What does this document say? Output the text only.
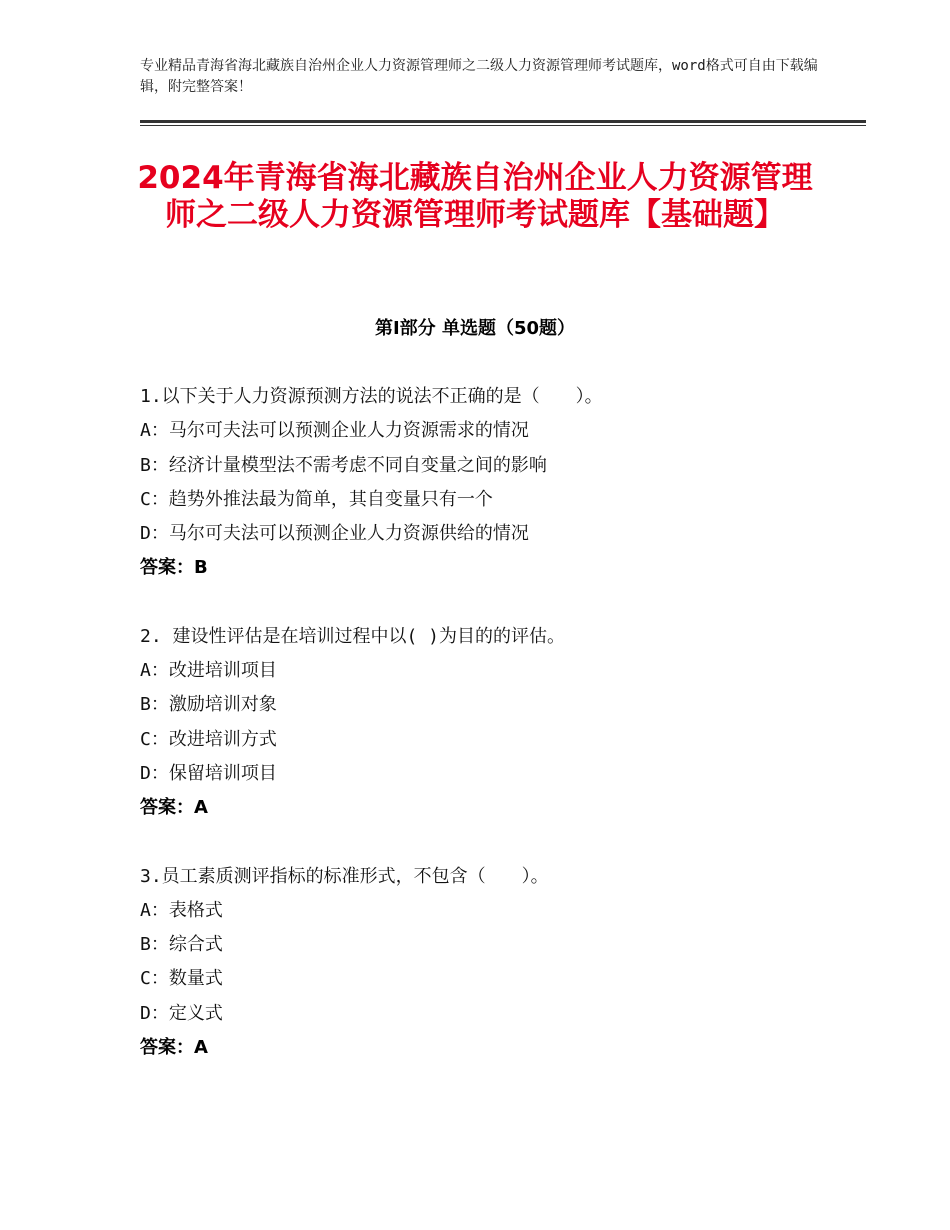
专业精品青海省海北藏族自治州企业人力资源管理师之二级人力资源管理师考试题库，word格式可自由下载编辑，附完整答案！
2024年青海省海北藏族自治州企业人力资源管理师之二级人力资源管理师考试题库【基础题】
第Ⅰ部分 单选题（50题）
1.以下关于人力资源预测方法的说法不正确的是（　　）。
A：马尔可夫法可以预测企业人力资源需求的情况
B：经济计量模型法不需考虑不同自变量之间的影响
C：趋势外推法最为简单，其自变量只有一个
D：马尔可夫法可以预测企业人力资源供给的情况
答案：B
2. 建设性评估是在培训过程中以( )为目的的评估。
A：改进培训项目
B：激励培训对象
C：改进培训方式
D：保留培训项目
答案：A
3.员工素质测评指标的标准形式，不包含（　　）。
A：表格式
B：综合式
C：数量式
D：定义式
答案：A
